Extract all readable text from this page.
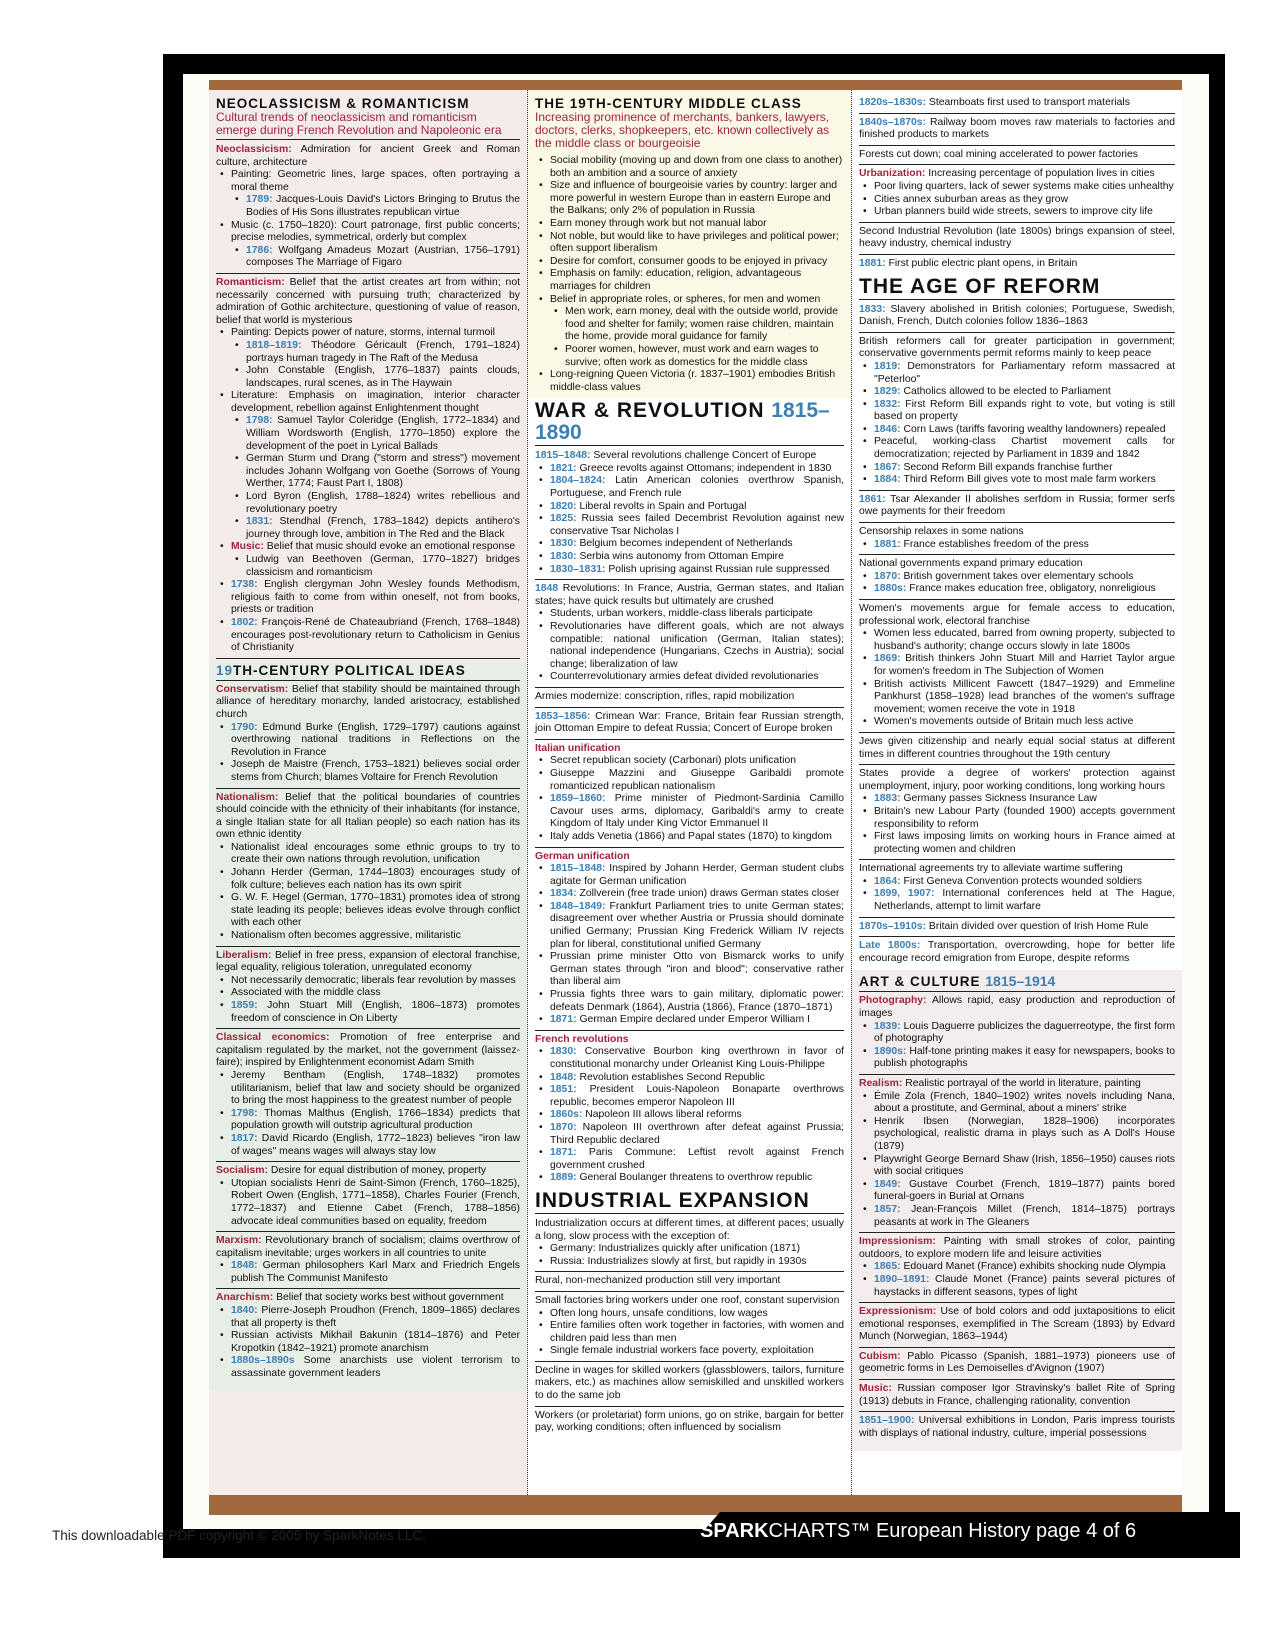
NEOCLASSICISM & ROMANTICISM
Cultural trends of neoclassicism and romanticism emerge during French Revolution and Napoleonic era
Neoclassicism: Admiration for ancient Greek and Roman culture, architecture
• Painting: Geometric lines, large spaces, often portraying a moral theme
• 1789: Jacques-Louis David's Lictors Bringing to Brutus the Bodies of His Sons illustrates republican virtue
• Music (c. 1750–1820): Court patronage, first public concerts; precise melodies, symmetrical, orderly but complex
• 1786: Wolfgang Amadeus Mozart (Austrian, 1756–1791) composes The Marriage of Figaro
Romanticism: Belief that the artist creates art from within; not necessarily concerned with pursuing truth; characterized by admiration of Gothic architecture, questioning of value of reason, belief that world is mysterious
• Painting: Depicts power of nature, storms, internal turmoil
• 1818–1819: Théodore Géricault (French, 1791–1824) portrays human tragedy in The Raft of the Medusa
• John Constable (English, 1776–1837) paints clouds, landscapes, rural scenes, as in The Haywain
• Literature: Emphasis on imagination, interior character development, rebellion against Enlightenment thought
• 1798: Samuel Taylor Coleridge (English, 1772–1834) and William Wordsworth (English, 1770–1850) explore the development of the poet in Lyrical Ballads
• German Sturm und Drang ("storm and stress") movement includes Johann Wolfgang von Goethe (Sorrows of Young Werther, 1774; Faust Part I, 1808)
• Lord Byron (English, 1788–1824) writes rebellious and revolutionary poetry
• 1831: Stendhal (French, 1783–1842) depicts antihero's journey through love, ambition in The Red and the Black
• Music: Belief that music should evoke an emotional response
• Ludwig van Beethoven (German, 1770–1827) bridges classicism and romanticism
• 1738: English clergyman John Wesley founds Methodism, religious faith to come from within oneself, not from books, priests or tradition
• 1802: François-René de Chateaubriand (French, 1768–1848) encourages post-revolutionary return to Catholicism in Genius of Christianity
19TH-CENTURY POLITICAL IDEAS
Conservatism: Belief that stability should be maintained through alliance of hereditary monarchy, landed aristocracy, established church
• 1790: Edmund Burke (English, 1729–1797) cautions against overthrowing national traditions in Reflections on the Revolution in France
• Joseph de Maistre (French, 1753–1821) believes social order stems from Church; blames Voltaire for French Revolution
Nationalism: Belief that the political boundaries of countries should coincide with the ethnicity of their inhabitants (for instance, a single Italian state for all Italian people) so each nation has its own ethnic identity
• Nationalist ideal encourages some ethnic groups to try to create their own nations through revolution, unification
• Johann Herder (German, 1744–1803) encourages study of folk culture; believes each nation has its own spirit
• G. W. F. Hegel (German, 1770–1831) promotes idea of strong state leading its people; believes ideas evolve through conflict with each other
• Nationalism often becomes aggressive, militaristic
Liberalism: Belief in free press, expansion of electoral franchise, legal equality, religious toleration, unregulated economy
• Not necessarily democratic; liberals fear revolution by masses
• Associated with the middle class
• 1859: John Stuart Mill (English, 1806–1873) promotes freedom of conscience in On Liberty
Classical economics: Promotion of free enterprise and capitalism regulated by the market, not the government (laissez-faire); inspired by Enlightenment economist Adam Smith
• Jeremy Bentham (English, 1748–1832) promotes utilitarianism, belief that law and society should be organized to bring the most happiness to the greatest number of people
• 1798: Thomas Malthus (English, 1766–1834) predicts that population growth will outstrip agricultural production
• 1817: David Ricardo (English, 1772–1823) believes "iron law of wages" means wages will always stay low
Socialism: Desire for equal distribution of money, property
• Utopian socialists Henri de Saint-Simon (French, 1760–1825), Robert Owen (English, 1771–1858), Charles Fourier (French, 1772–1837) and Etienne Cabet (French, 1788–1856) advocate ideal communities based on equality, freedom
Marxism: Revolutionary branch of socialism; claims overthrow of capitalism inevitable; urges workers in all countries to unite
• 1848: German philosophers Karl Marx and Friedrich Engels publish The Communist Manifesto
Anarchism: Belief that society works best without government
• 1840: Pierre-Joseph Proudhon (French, 1809–1865) declares that all property is theft
• Russian activists Mikhail Bakunin (1814–1876) and Peter Kropotkin (1842–1921) promote anarchism
• 1880s–1890s Some anarchists use violent terrorism to assassinate government leaders
THE 19TH-CENTURY MIDDLE CLASS
Increasing prominence of merchants, bankers, lawyers, doctors, clerks, shopkeepers, etc. known collectively as the middle class or bourgeoisie
• Social mobility (moving up and down from one class to another) both an ambition and a source of anxiety
• Size and influence of bourgeoisie varies by country: larger and more powerful in western Europe than in eastern Europe and the Balkans; only 2% of population in Russia
• Earn money through work but not manual labor
• Not noble, but would like to have privileges and political power; often support liberalism
• Desire for comfort, consumer goods to be enjoyed in privacy
• Emphasis on family: education, religion, advantageous marriages for children
• Belief in appropriate roles, or spheres, for men and women
• Men work, earn money, deal with the outside world, provide food and shelter for family; women raise children, maintain the home, provide moral guidance for family
• Poorer women, however, must work and earn wages to survive; often work as domestics for the middle class
• Long-reigning Queen Victoria (r. 1837–1901) embodies British middle-class values
WAR & REVOLUTION 1815–1890
1815–1848: Several revolutions challenge Concert of Europe
• 1821: Greece revolts against Ottomans; independent in 1830
• 1804–1824: Latin American colonies overthrow Spanish, Portuguese, and French rule
• 1820: Liberal revolts in Spain and Portugal
• 1825: Russia sees failed Decembrist Revolution against new conservative Tsar Nicholas I
• 1830: Belgium becomes independent of Netherlands
• 1830: Serbia wins autonomy from Ottoman Empire
• 1830–1831: Polish uprising against Russian rule suppressed
1848 Revolutions: In France, Austria, German states, and Italian states; have quick results but ultimately are crushed
• Students, urban workers, middle-class liberals participate
• Revolutionaries have different goals, which are not always compatible: national unification (German, Italian states); national independence (Hungarians, Czechs in Austria); social change; liberalization of law
• Counterrevolutionary armies defeat divided revolutionaries
Armies modernize: conscription, rifles, rapid mobilization
1853–1856: Crimean War: France, Britain fear Russian strength, join Ottoman Empire to defeat Russia; Concert of Europe broken
Italian unification
• Secret republican society (Carbonari) plots unification
• Giuseppe Mazzini and Giuseppe Garibaldi promote romanticized republican nationalism
• 1859–1860: Prime minister of Piedmont-Sardinia Camillo Cavour uses arms, diplomacy, Garibaldi's army to create Kingdom of Italy under King Victor Emmanuel II
• Italy adds Venetia (1866) and Papal states (1870) to kingdom
German unification
• 1815–1848: Inspired by Johann Herder, German student clubs agitate for German unification
• 1834: Zollverein (free trade union) draws German states closer
• 1848–1849: Frankfurt Parliament tries to unite German states; disagreement over whether Austria or Prussia should dominate unified Germany; Prussian King Frederick William IV rejects plan for liberal, constitutional unified Germany
• Prussian prime minister Otto von Bismarck works to unify German states through "iron and blood"; conservative rather than liberal aim
• Prussia fights three wars to gain military, diplomatic power: defeats Denmark (1864), Austria (1866), France (1870–1871)
• 1871: German Empire declared under Emperor William I
French revolutions
• 1830: Conservative Bourbon king overthrown in favor of constitutional monarchy under Orleanist King Louis-Philippe
• 1848: Revolution establishes Second Republic
• 1851: President Louis-Napoleon Bonaparte overthrows republic, becomes emperor Napoleon III
• 1860s: Napoleon III allows liberal reforms
• 1870: Napoleon III overthrown after defeat against Prussia; Third Republic declared
• 1871: Paris Commune: Leftist revolt against French government crushed
• 1889: General Boulanger threatens to overthrow republic
INDUSTRIAL EXPANSION
Industrialization occurs at different times, at different paces; usually a long, slow process with the exception of:
• Germany: Industrializes quickly after unification (1871)
• Russia: Industrializes slowly at first, but rapidly in 1930s
Rural, non-mechanized production still very important
Small factories bring workers under one roof, constant supervision
• Often long hours, unsafe conditions, low wages
• Entire families often work together in factories, with women and children paid less than men
• Single female industrial workers face poverty, exploitation
Decline in wages for skilled workers (glassblowers, tailors, furniture makers, etc.) as machines allow semiskilled and unskilled workers to do the same job
Workers (or proletariat) form unions, go on strike, bargain for better pay, working conditions; often influenced by socialism
1820s–1830s: Steamboats first used to transport materials
1840s–1870s: Railway boom moves raw materials to factories and finished products to markets
Forests cut down; coal mining accelerated to power factories
Urbanization: Increasing percentage of population lives in cities
• Poor living quarters, lack of sewer systems make cities unhealthy
• Cities annex suburban areas as they grow
• Urban planners build wide streets, sewers to improve city life
Second Industrial Revolution (late 1800s) brings expansion of steel, heavy industry, chemical industry
1881: First public electric plant opens, in Britain
THE AGE OF REFORM
1833: Slavery abolished in British colonies; Portuguese, Swedish, Danish, French, Dutch colonies follow 1836–1863
British reformers call for greater participation in government; conservative governments permit reforms mainly to keep peace
• 1819: Demonstrators for Parliamentary reform massacred at "Peterloo"
• 1829: Catholics allowed to be elected to Parliament
• 1832: First Reform Bill expands right to vote, but voting is still based on property
• 1846: Corn Laws (tariffs favoring wealthy landowners) repealed
• Peaceful, working-class Chartist movement calls for democratization; rejected by Parliament in 1839 and 1842
• 1867: Second Reform Bill expands franchise further
• 1884: Third Reform Bill gives vote to most male farm workers
1861: Tsar Alexander II abolishes serfdom in Russia; former serfs owe payments for their freedom
Censorship relaxes in some nations
• 1881: France establishes freedom of the press
National governments expand primary education
• 1870: British government takes over elementary schools
• 1880s: France makes education free, obligatory, nonreligious
Women's movements argue for female access to education, professional work, electoral franchise
• Women less educated, barred from owning property, subjected to husband's authority; change occurs slowly in late 1800s
• 1869: British thinkers John Stuart Mill and Harriet Taylor argue for women's freedom in The Subjection of Women
• British activists Millicent Fawcett (1847–1929) and Emmeline Pankhurst (1858–1928) lead branches of the women's suffrage movement; women receive the vote in 1918
• Women's movements outside of Britain much less active
Jews given citizenship and nearly equal social status at different times in different countries throughout the 19th century
States provide a degree of workers' protection against unemployment, injury, poor working conditions, long working hours
• 1883: Germany passes Sickness Insurance Law
• Britain's new Labour Party (founded 1900) accepts government responsibility to reform
• First laws imposing limits on working hours in France aimed at protecting women and children
International agreements try to alleviate wartime suffering
• 1864: First Geneva Convention protects wounded soldiers
• 1899, 1907: International conferences held at The Hague, Netherlands, attempt to limit warfare
1870s–1910s: Britain divided over question of Irish Home Rule
Late 1800s: Transportation, overcrowding, hope for better life encourage record emigration from Europe, despite reforms
ART & CULTURE 1815–1914
Photography: Allows rapid, easy production and reproduction of images
• 1839: Louis Daguerre publicizes the daguerreotype, the first form of photography
• 1890s: Half-tone printing makes it easy for newspapers, books to publish photographs
Realism: Realistic portrayal of the world in literature, painting
• Émile Zola (French, 1840–1902) writes novels including Nana, about a prostitute, and Germinal, about a miners' strike
• Henrik Ibsen (Norwegian, 1828–1906) incorporates psychological, realistic drama in plays such as A Doll's House (1879)
• Playwright George Bernard Shaw (Irish, 1856–1950) causes riots with social critiques
• 1849: Gustave Courbet (French, 1819–1877) paints bored funeral-goers in Burial at Ornans
• 1857: Jean-François Millet (French, 1814–1875) portrays peasants at work in The Gleaners
Impressionism: Painting with small strokes of color, painting outdoors, to explore modern life and leisure activities
• 1865: Edouard Manet (France) exhibits shocking nude Olympia
• 1890–1891: Claude Monet (France) paints several pictures of haystacks in different seasons, types of light
Expressionism: Use of bold colors and odd juxtapositions to elicit emotional responses, exemplified in The Scream (1893) by Edvard Munch (Norwegian, 1863–1944)
Cubism: Pablo Picasso (Spanish, 1881–1973) pioneers use of geometric forms in Les Demoiselles d'Avignon (1907)
Music: Russian composer Igor Stravinsky's ballet Rite of Spring (1913) debuts in France, challenging rationality, convention
1851–1900: Universal exhibitions in London, Paris impress tourists with displays of national industry, culture, imperial possessions
This downloadable PDF copyright © 2005 by SparkNotes LLC.	SPARKCHARTS™ European History page 4 of 6
